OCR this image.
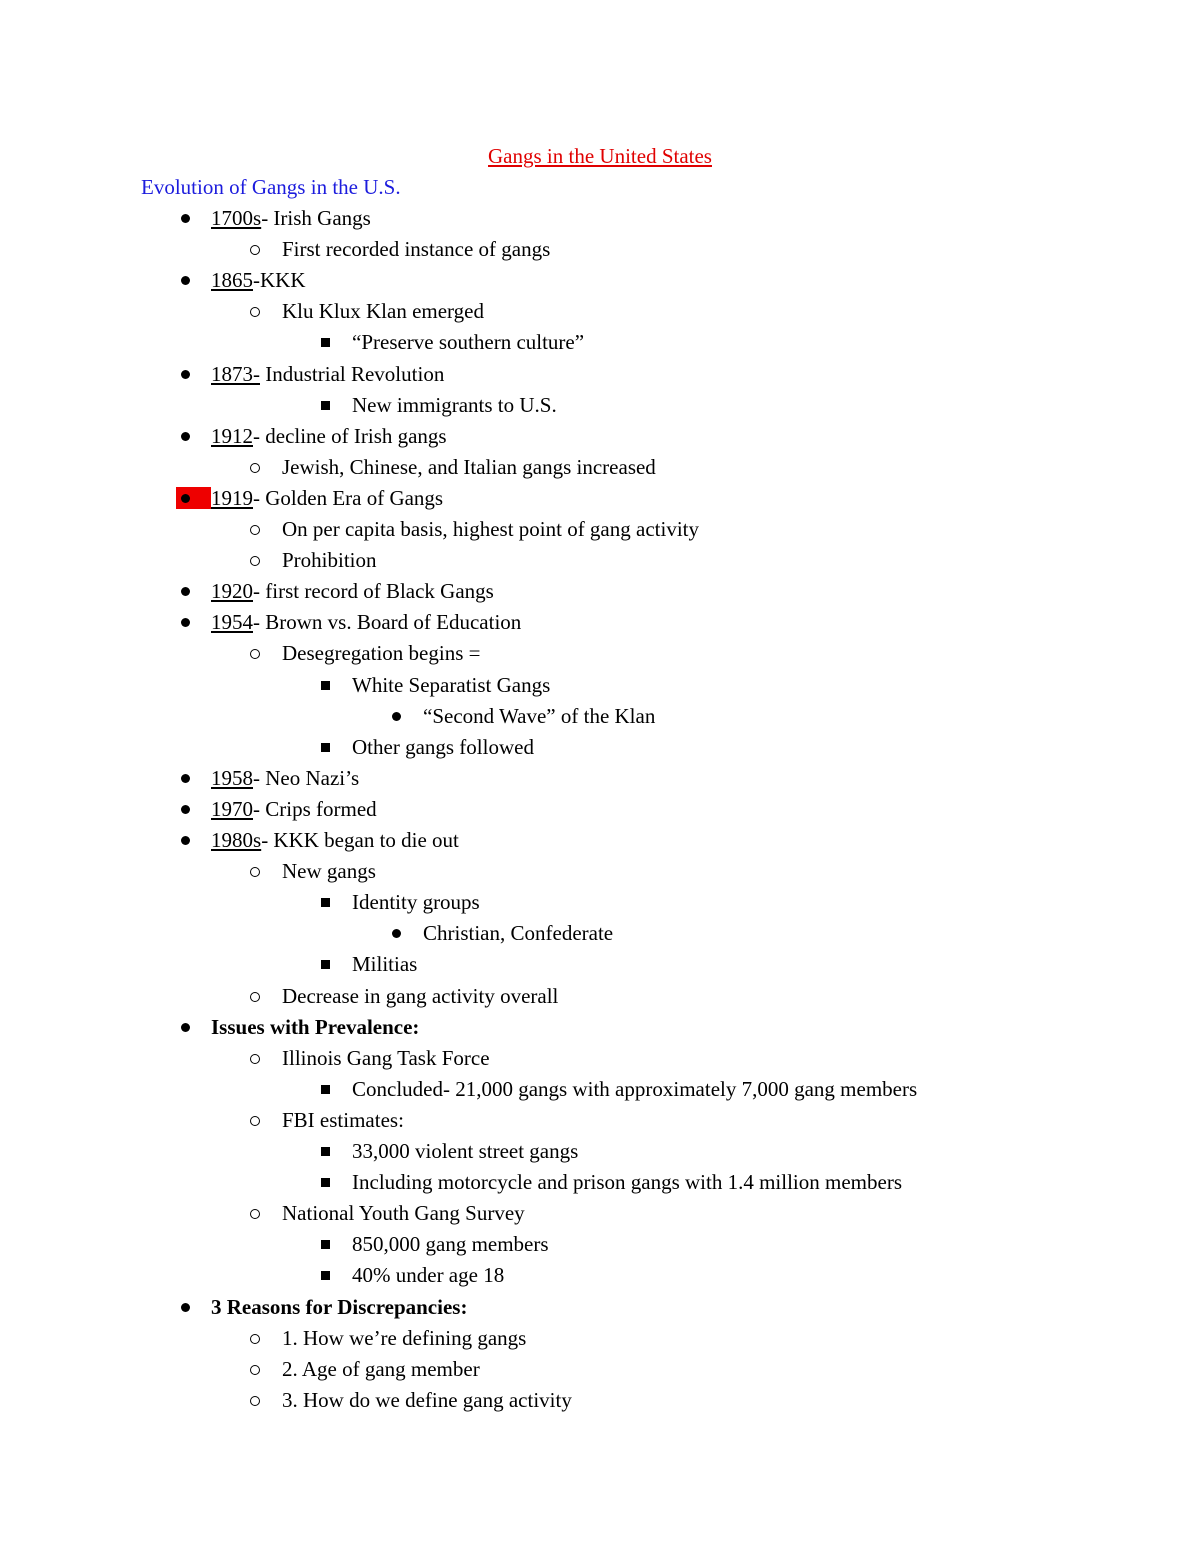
Gangs in the United States
Evolution of Gangs in the U.S.
1700s- Irish Gangs
First recorded instance of gangs
1865-KKK
Klu Klux Klan emerged
“Preserve southern culture”
1873- Industrial Revolution
New immigrants to U.S.
1912- decline of Irish gangs
Jewish, Chinese, and Italian gangs increased
1919- Golden Era of Gangs
On per capita basis, highest point of gang activity
Prohibition
1920- first record of Black Gangs
1954- Brown vs. Board of Education
Desegregation begins =
White Separatist Gangs
“Second Wave” of the Klan
Other gangs followed
1958- Neo Nazi’s
1970- Crips formed
1980s- KKK began to die out
New gangs
Identity groups
Christian, Confederate
Militias
Decrease in gang activity overall
Issues with Prevalence:
Illinois Gang Task Force
Concluded- 21,000 gangs with approximately 7,000 gang members
FBI estimates:
33,000 violent street gangs
Including motorcycle and prison gangs with 1.4 million members
National Youth Gang Survey
850,000 gang members
40% under age 18
3 Reasons for Discrepancies:
1. How we’re defining gangs
2. Age of gang member
3. How do we define gang activity
